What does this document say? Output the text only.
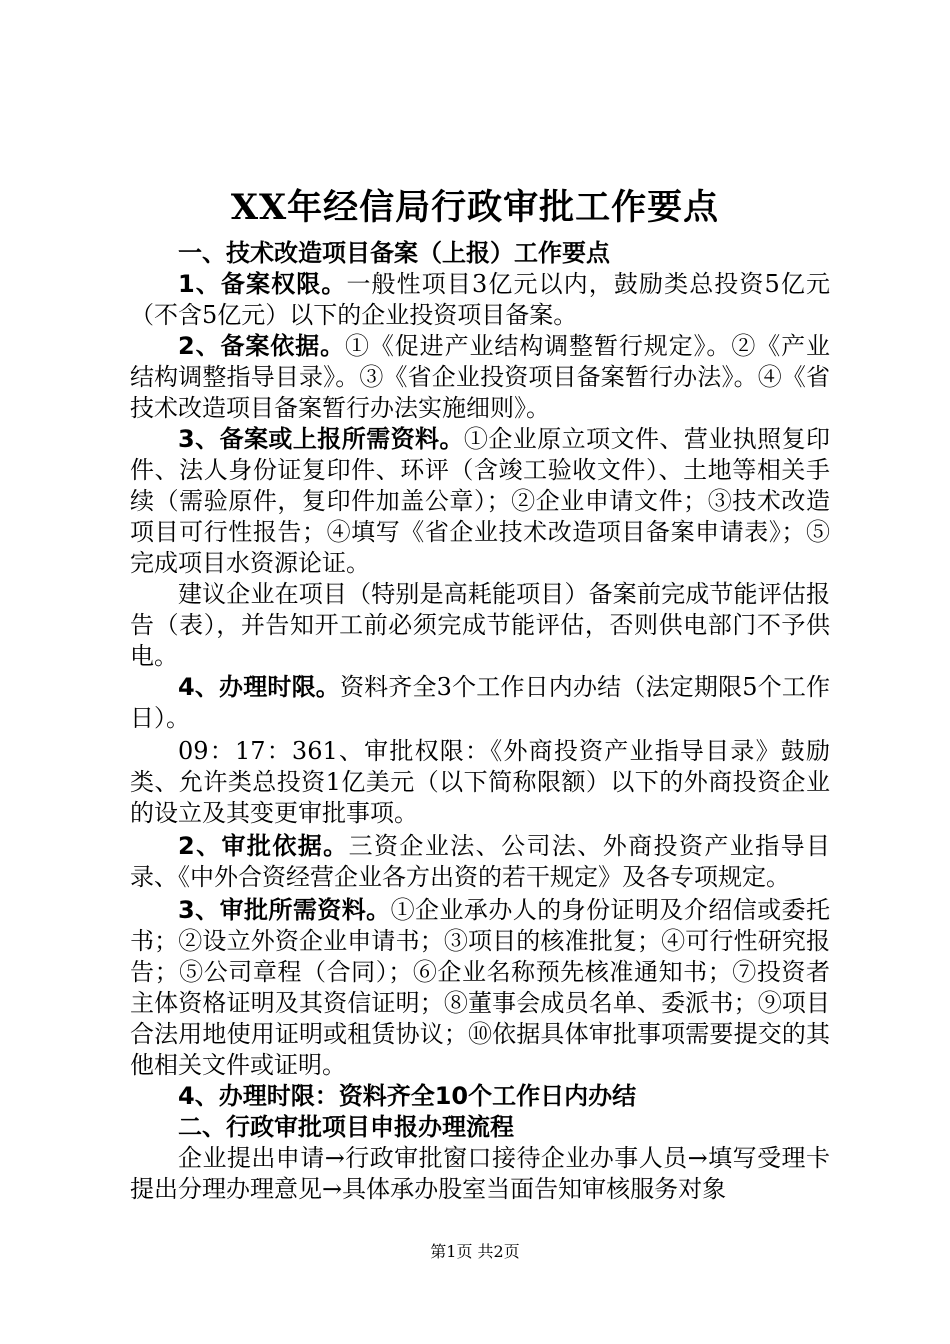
XX年经信局行政审批工作要点

一、技术改造项目备案（上报）工作要点

1、备案权限。一般性项目3亿元以内，鼓励类总投资5亿元（不含5亿元）以下的企业投资项目备案。

2、备案依据。①《促进产业结构调整暂行规定》。②《产业结构调整指导目录》。③《省企业投资项目备案暂行办法》。④《省技术改造项目备案暂行办法实施细则》。

3、备案或上报所需资料。①企业原立项文件、营业执照复印件、法人身份证复印件、环评（含竣工验收文件）、土地等相关手续（需验原件，复印件加盖公章）；②企业申请文件；③技术改造项目可行性报告；④填写《省企业技术改造项目备案申请表》；⑤完成项目水资源论证。

建议企业在项目（特别是高耗能项目）备案前完成节能评估报告（表），并告知开工前必须完成节能评估，否则供电部门不予供电。

4、办理时限。资料齐全3个工作日内办结（法定期限5个工作日）。

09：17：361、审批权限：《外商投资产业指导目录》鼓励类、允许类总投资1亿美元（以下简称限额）以下的外商投资企业的设立及其变更审批事项。

2、审批依据。三资企业法、公司法、外商投资产业指导目录、《中外合资经营企业各方出资的若干规定》及各专项规定。

3、审批所需资料。①企业承办人的身份证明及介绍信或委托书；②设立外资企业申请书；③项目的核准批复；④可行性研究报告；⑤公司章程（合同）；⑥企业名称预先核准通知书；⑦投资者主体资格证明及其资信证明；⑧董事会成员名单、委派书；⑨项目合法用地使用证明或租赁协议；⑩依据具体审批事项需要提交的其他相关文件或证明。

4、办理时限：资料齐全10个工作日内办结

二、行政审批项目申报办理流程

企业提出申请→行政审批窗口接待企业办事人员→填写受理卡提出分理办理意见→具体承办股室当面告知审核服务对象

第1页 共2页
